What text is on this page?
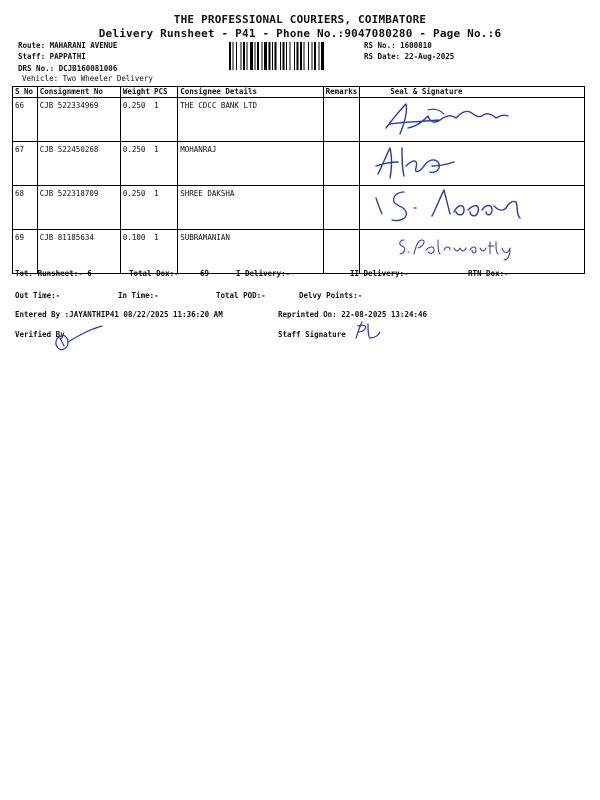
THE PROFESSIONAL COURIERS, COIMBATORE
Delivery Runsheet - P41 - Phone No.:9047080280 - Page No.:6
Route: MAHARANI AVENUE
Staff: PAPPATHI
DRS No.: DCJB160081006
Vehicle: Two Wheeler Delivery
RS No.: 1600810
RS Date: 22-Aug-2025
S No	Consignment No	Weight	PCS	Consignee Details	Remarks	Seal & Signature
66	CJB 522334969	0.250	1	THE CDCC BANK LTD		
67	CJB 522450268	0.250	1	MOHANRAJ		
68	CJB 522318709	0.250	1	SHREE DAKSHA		
69	CJB 81185634	0.100	1	SUBRAMANIAN		
S. Padmavathy
Tot. Runsheet:- 6	Total Dox:-	69	I Delivery:-	II Delivery:-	RTN Dox:-
Out Time:-	In Time:-	Total POD:-	Delvy Points:-
Entered By :JAYANTHIP41 08/22/2025 11:36:20 AM	Reprinted On: 22-08-2025 13:24:46
Verified By	Staff Signature
